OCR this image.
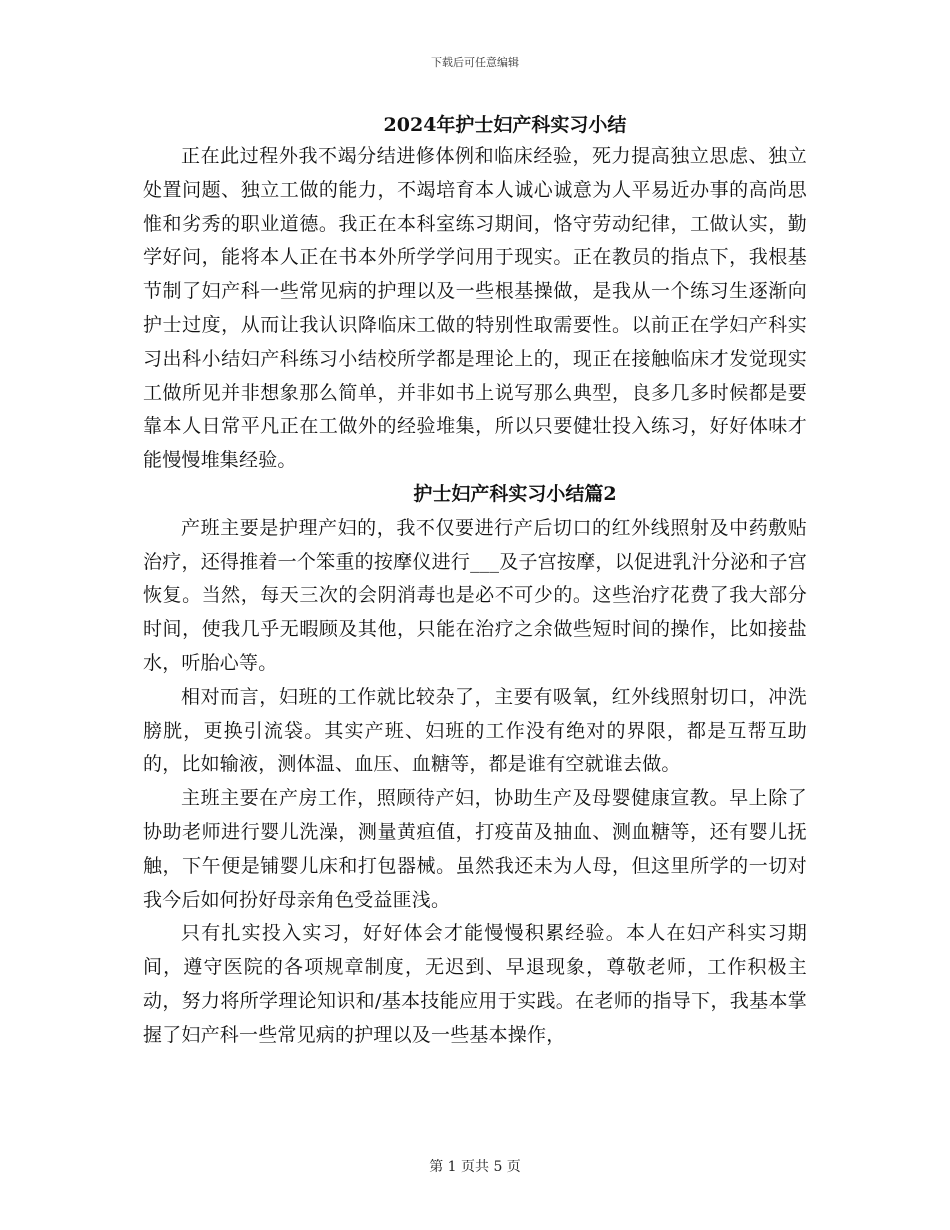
下载后可任意编辑
2024年护士妇产科实习小结

正在此过程外我不竭分结进修体例和临床经验，死力提高独立思虑、独立处置问题、独立工做的能力，不竭培育本人诚心诚意为人平易近办事的高尚思惟和劣秀的职业道德。我正在本科室练习期间，恪守劳动纪律，工做认实，勤学好问，能将本人正在书本外所学学问用于现实。正在教员的指点下，我根基节制了妇产科一些常见病的护理以及一些根基操做，是我从一个练习生逐渐向护士过度，从而让我认识降临床工做的特别性取需要性。以前正在学妇产科实习出科小结妇产科练习小结校所学都是理论上的，现正在接触临床才发觉现实工做所见并非想象那么简单，并非如书上说写那么典型，良多几多时候都是要靠本人日常平凡正在工做外的经验堆集，所以只要健壮投入练习，好好体味才能慢慢堆集经验。

护士妇产科实习小结篇2

产班主要是护理产妇的，我不仅要进行产后切口的红外线照射及中药敷贴治疗，还得推着一个笨重的按摩仪进行___及子宫按摩，以促进乳汁分泌和子宫恢复。当然，每天三次的会阴消毒也是必不可少的。这些治疗花费了我大部分时间，使我几乎无暇顾及其他，只能在治疗之余做些短时间的操作，比如接盐水，听胎心等。

相对而言，妇班的工作就比较杂了，主要有吸氧，红外线照射切口，冲洗膀胱，更换引流袋。其实产班、妇班的工作没有绝对的界限，都是互帮互助的，比如输液，测体温、血压、血糖等，都是谁有空就谁去做。

主班主要在产房工作，照顾待产妇，协助生产及母婴健康宣教。早上除了协助老师进行婴儿洗澡，测量黄疸值，打疫苗及抽血、测血糖等，还有婴儿抚触，下午便是铺婴儿床和打包器械。虽然我还未为人母，但这里所学的一切对我今后如何扮好母亲角色受益匪浅。

只有扎实投入实习，好好体会才能慢慢积累经验。本人在妇产科实习期间，遵守医院的各项规章制度，无迟到、早退现象，尊敬老师，工作积极主动，努力将所学理论知识和/基本技能应用于实践。在老师的指导下，我基本掌握了妇产科一些常见病的护理以及一些基本操作，

第 1 页共 5 页
